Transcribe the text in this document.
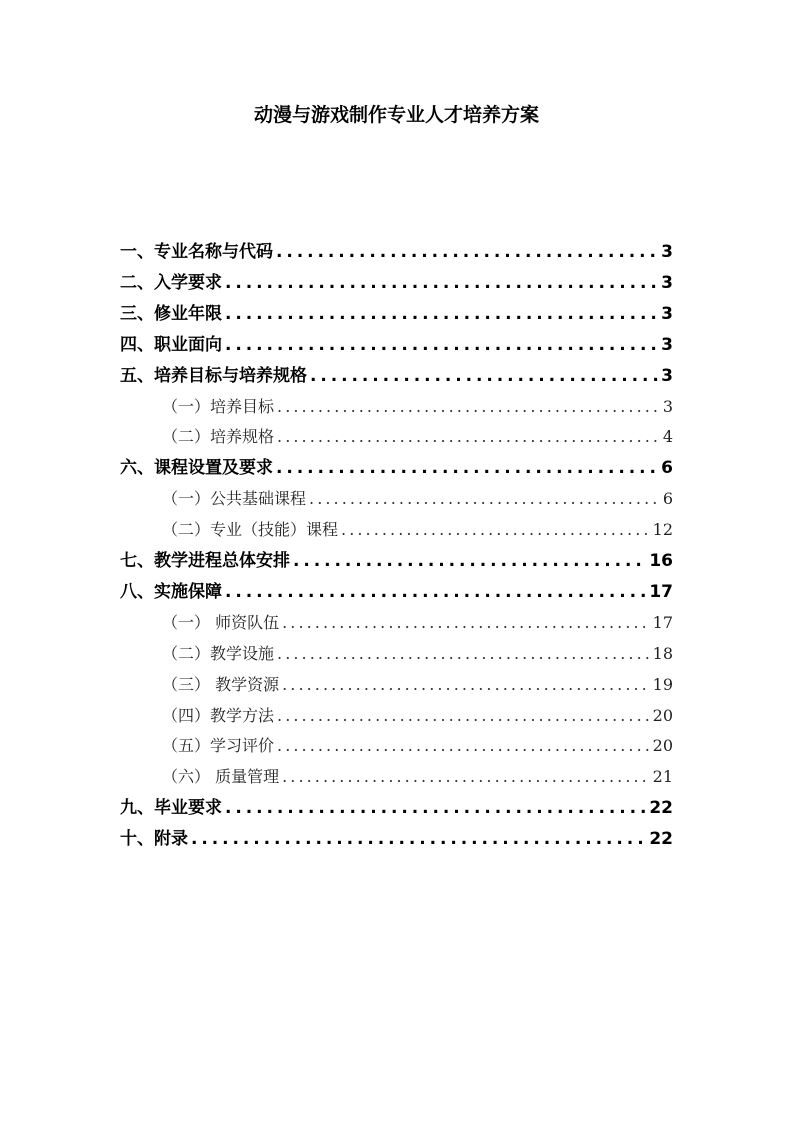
动漫与游戏制作专业人才培养方案
一、专业名称与代码 . . .	3
二、入学要求 . . .	3
三、修业年限 . . .	3
四、职业面向 . . .	3
五、培养目标与培养规格 . . .	3
（一）培养目标 . . .	3
（二）培养规格 . . .	4
六、课程设置及要求 . . .	6
（一）公共基础课程 . . .	6
（二）专业（技能）课程 . . .	12
七、教学进程总体安排 . . .	16
八、实施保障 . . .	17
（一） 师资队伍 . . .	17
（二）教学设施 . . .	18
（三） 教学资源 . . .	19
（四）教学方法 . . .	20
（五）学习评价 . . .	20
（六） 质量管理 . . .	21
九、毕业要求 . . .	22
十、附录 . . .	22
